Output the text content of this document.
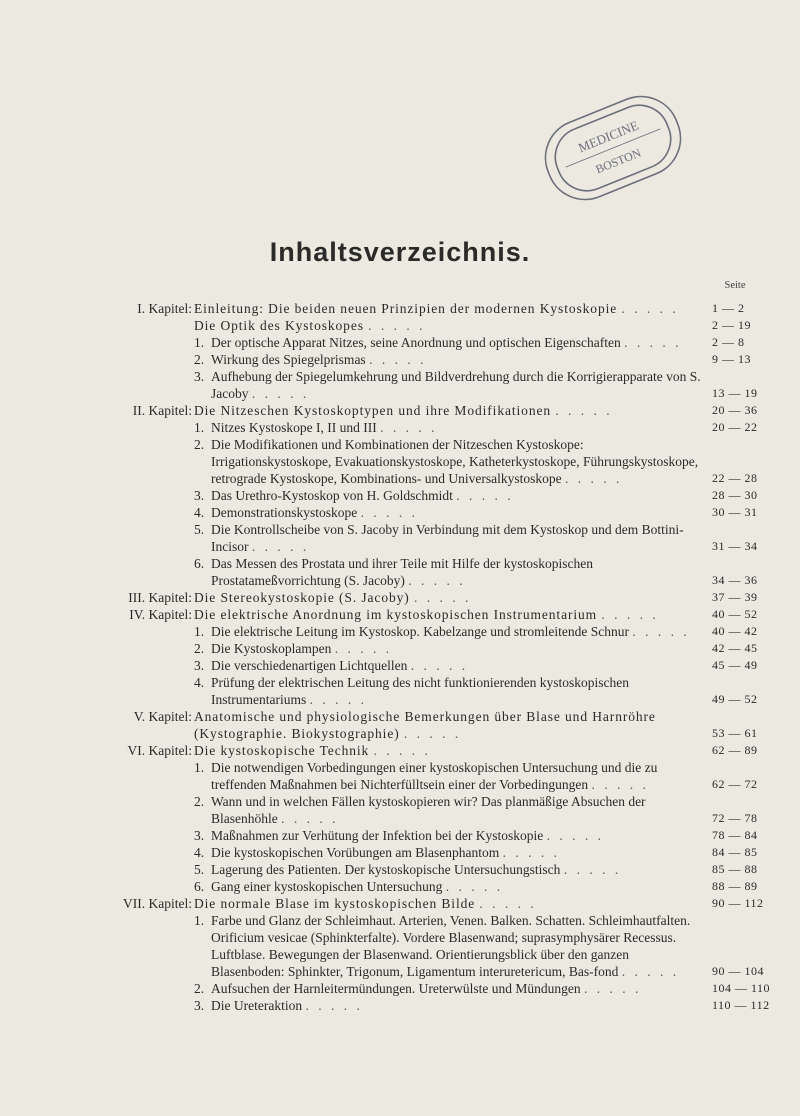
MEDICINE
BOSTON
Inhaltsverzeichnis.
Seite
I. Kapitel: Einleitung: Die beiden neuen Prinzipien der modernen Kystoskopie . . . . .	1 — 2
Die Optik des Kystoskopes . . . . .	2 — 19
1. Der optische Apparat Nitzes, seine Anordnung und optischen Eigenschaften . . . . .	2 — 8
2. Wirkung des Spiegelprismas . . . . .	9 — 13
3. Aufhebung der Spiegelumkehrung und Bildverdrehung durch die Korrigierapparate von S. Jacoby . . . . .	13 — 19
II. Kapitel: Die Nitzeschen Kystoskoptypen und ihre Modifikationen . . . . .	20 — 36
1. Nitzes Kystoskope I, II und III . . . . .	20 — 22
2. Die Modifikationen und Kombinationen der Nitzeschen Kystoskope: Irrigationskystoskope, Evakuationskystoskope, Katheterkystoskope, Führungskystoskope, retrograde Kystoskope, Kombinations- und Universalkystoskope . . . . .	22 — 28
3. Das Urethro-Kystoskop von H. Goldschmidt . . . . .	28 — 30
4. Demonstrationskystoskope . . . . .	30 — 31
5. Die Kontrollscheibe von S. Jacoby in Verbindung mit dem Kystoskop und dem Bottini-Incisor . . . . .	31 — 34
6. Das Messen des Prostata und ihrer Teile mit Hilfe der kystoskopischen Prostatameßvorrichtung (S. Jacoby) . . . . .	34 — 36
III. Kapitel: Die Stereokystoskopie (S. Jacoby) . . . . .	37 — 39
IV. Kapitel: Die elektrische Anordnung im kystoskopischen Instrumentarium . . . . .	40 — 52
1. Die elektrische Leitung im Kystoskop. Kabelzange und stromleitende Schnur . . . . .	40 — 42
2. Die Kystoskoplampen . . . . .	42 — 45
3. Die verschiedenartigen Lichtquellen . . . . .	45 — 49
4. Prüfung der elektrischen Leitung des nicht funktionierenden kystoskopischen Instrumentariums . . . . .	49 — 52
V. Kapitel: Anatomische und physiologische Bemerkungen über Blase und Harnröhre (Kystographie. Biokystographie) . . . . .	53 — 61
VI. Kapitel: Die kystoskopische Technik . . . . .	62 — 89
1. Die notwendigen Vorbedingungen einer kystoskopischen Untersuchung und die zu treffenden Maßnahmen bei Nichterfülltsein einer der Vorbedingungen . . . . .	62 — 72
2. Wann und in welchen Fällen kystoskopieren wir? Das planmäßige Absuchen der Blasenhöhle . . . . .	72 — 78
3. Maßnahmen zur Verhütung der Infektion bei der Kystoskopie . . . . .	78 — 84
4. Die kystoskopischen Vorübungen am Blasenphantom . . . . .	84 — 85
5. Lagerung des Patienten. Der kystoskopische Untersuchungstisch . . . . .	85 — 88
6. Gang einer kystoskopischen Untersuchung . . . . .	88 — 89
VII. Kapitel: Die normale Blase im kystoskopischen Bilde . . . . .	90 — 112
1. Farbe und Glanz der Schleimhaut. Arterien, Venen. Balken. Schatten. Schleimhautfalten. Orificium vesicae (Sphinkterfalte). Vordere Blasenwand; suprasymphysärer Recessus. Luftblase. Bewegungen der Blasenwand. Orientierungsblick über den ganzen Blasenboden: Sphinkter, Trigonum, Ligamentum interuretericum, Bas-fond . . . . .	90 — 104
2. Aufsuchen der Harnleitermündungen. Ureterwülste und Mündungen . . . . .	104 — 110
3. Die Ureteraktion . . . . .	110 — 112
